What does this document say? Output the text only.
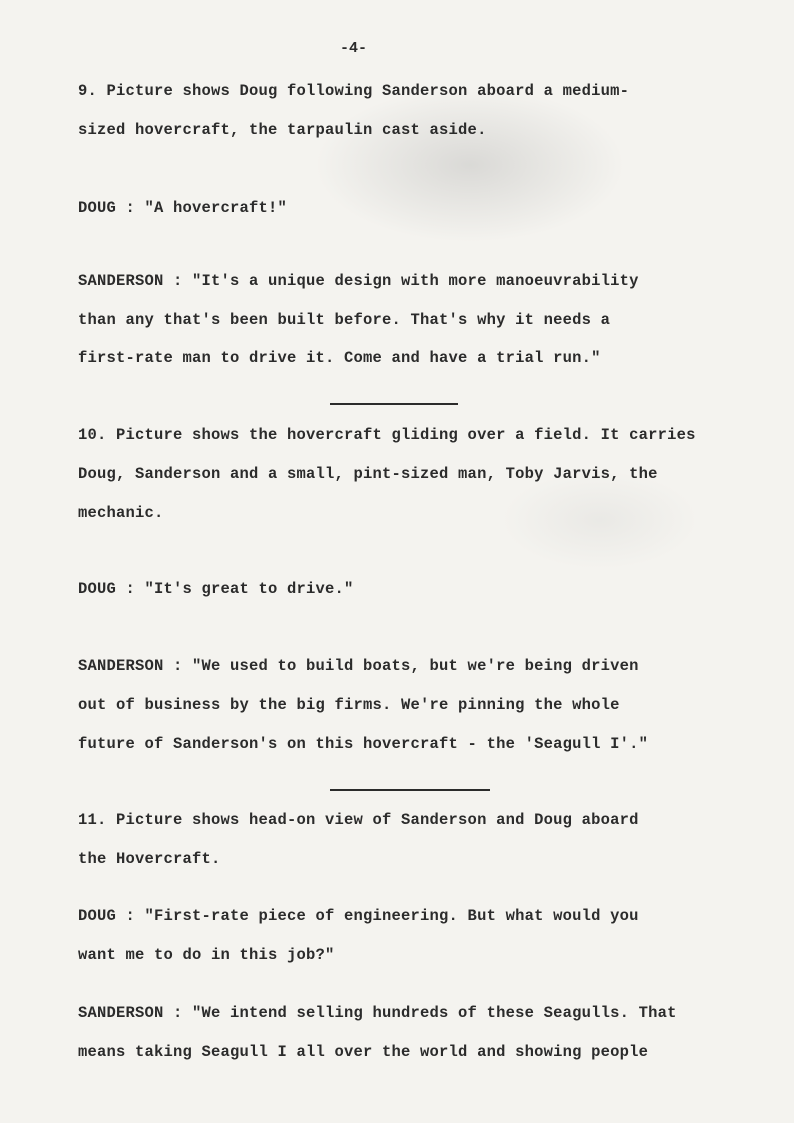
-4-
9. Picture shows Doug following Sanderson aboard a medium-
sized hovercraft, the tarpaulin cast aside.
DOUG : "A hovercraft!"
SANDERSON : "It's a unique design with more manoeuvrability
than any that's been built before. That's why it needs a
first-rate man to drive it. Come and have a trial run."
10. Picture shows the hovercraft gliding over a field. It carries
Doug, Sanderson and a small, pint-sized man, Toby Jarvis, the
mechanic.
DOUG : "It's great to drive."
SANDERSON : "We used to build boats, but we're being driven
out of business by the big firms. We're pinning the whole
future of Sanderson's on this hovercraft - the 'Seagull I'."
11. Picture shows head-on view of Sanderson and Doug aboard
the Hovercraft.
DOUG : "First-rate piece of engineering. But what would you
want me to do in this job?"
SANDERSON : "We intend selling hundreds of these Seagulls. That
means taking Seagull I all over the world and showing people
